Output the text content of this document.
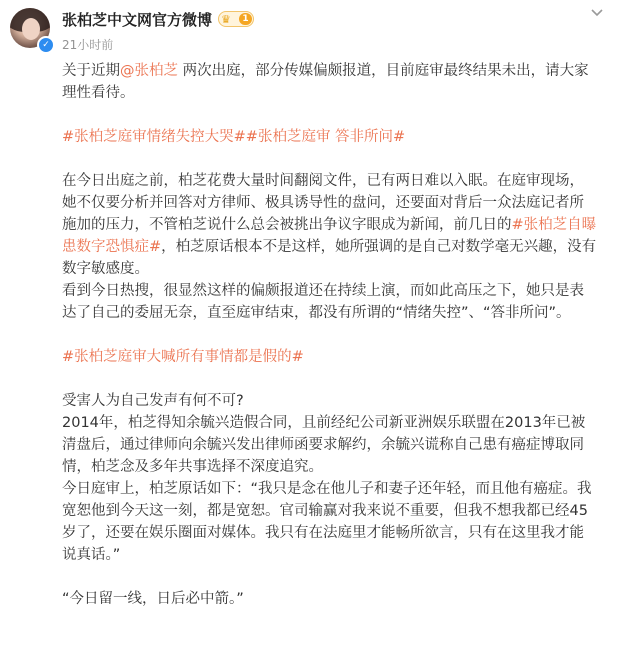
✓
张柏芝中文网官方微博 ♛	1
21小时前

关于近期@张柏芝 两次出庭，部分传媒偏颇报道，目前庭审最终结果未出，请大家理性看待。

#张柏芝庭审情绪失控大哭##张柏芝庭审 答非所问#

在今日出庭之前，柏芝花费大量时间翻阅文件，已有两日难以入眠。在庭审现场，她不仅要分析并回答对方律师、极具诱导性的盘问，还要面对背后一众法庭记者所施加的压力，不管柏芝说什么总会被挑出争议字眼成为新闻，前几日的#张柏芝自曝患数字恐惧症#，柏芝原话根本不是这样，她所强调的是自己对数学毫无兴趣，没有数字敏感度。

看到今日热搜，很显然这样的偏颇报道还在持续上演，而如此高压之下，她只是表达了自己的委屈无奈，直至庭审结束，都没有所谓的“情绪失控”、“答非所问”。

#张柏芝庭审大喊所有事情都是假的#

受害人为自己发声有何不可?

2014年，柏芝得知余毓兴造假合同，且前经纪公司新亚洲娱乐联盟在2013年已被清盘后，通过律师向余毓兴发出律师函要求解约，余毓兴谎称自己患有癌症博取同情，柏芝念及多年共事选择不深度追究。

今日庭审上，柏芝原话如下：“我只是念在他儿子和妻子还年轻，而且他有癌症。我宽恕他到今天这一刻，都是宽恕。官司输赢对我来说不重要，但我不想我都已经45岁了，还要在娱乐圈面对媒体。我只有在法庭里才能畅所欲言，只有在这里我才能说真话。”

“今日留一线，日后必中箭。”
